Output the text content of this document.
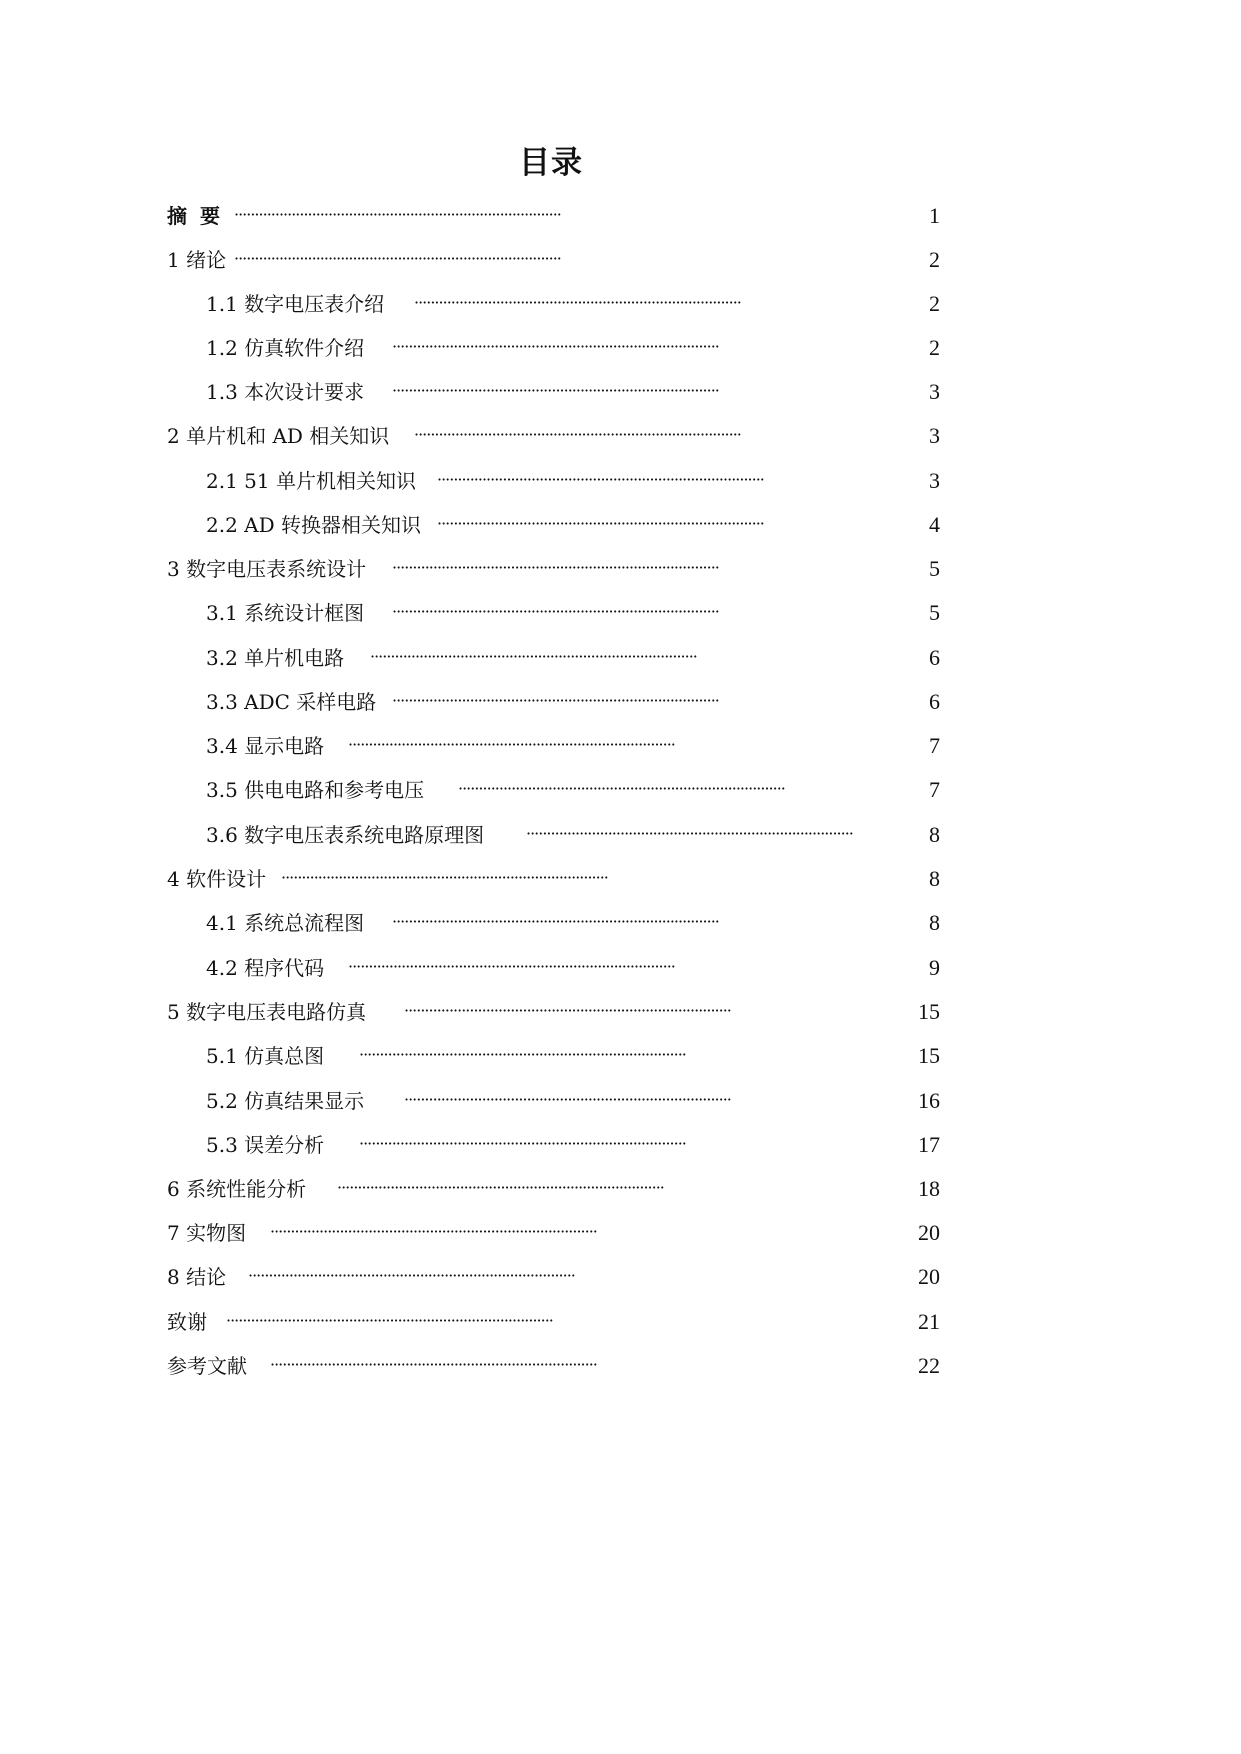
目录
摘 要 ················································································	1
1 绪论 ················································································	2
1.1 数字电压表介绍 ················································································	2
1.2 仿真软件介绍 ················································································	2
1.3 本次设计要求 ················································································	3
2 单片机和 AD 相关知识 ················································································	3
2.1 51 单片机相关知识 ················································································	3
2.2 AD 转换器相关知识 ················································································	4
3 数字电压表系统设计 ················································································	5
3.1 系统设计框图 ················································································	5
3.2 单片机电路 ················································································	6
3.3 ADC 采样电路 ················································································	6
3.4 显示电路 ················································································	7
3.5 供电电路和参考电压 ················································································	7
3.6 数字电压表系统电路原理图	················································································	8
4 软件设计 ················································································	8
4.1 系统总流程图 ················································································	8
4.2 程序代码 ················································································	9
5 数字电压表电路仿真 ················································································	15
5.1 仿真总图 ················································································	15
5.2 仿真结果显示 ················································································	16
5.3 误差分析 ················································································	17
6 系统性能分析 ················································································	18
7 实物图 ················································································	20
8 结论 ················································································	20
致谢 ················································································	21
参考文献 ················································································	22
